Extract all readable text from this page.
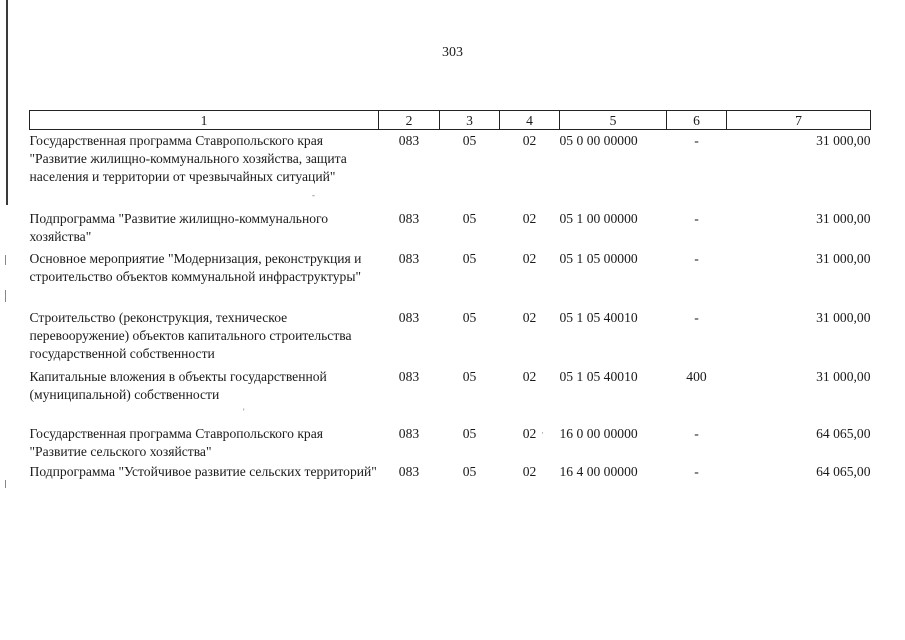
303
1	2	3	4	5	6	7
Государственная программа Ставропольского края "Развитие жилищно-коммунального хозяйства, защита населения и территории от чрезвычайных ситуаций"	083	05	02	05 0 00 00000	-	31 000,00
Подпрограмма "Развитие жилищно-коммунального хозяйства"	083	05	02	05 1 00 00000	-	31 000,00
Основное мероприятие "Модернизация, реконструкция и строительство объектов коммунальной инфраструктуры"	083	05	02	05 1 05 00000	-	31 000,00
Строительство (реконструкция, техническое перевооружение) объектов капитального строительства государственной собственности	083	05	02	05 1 05 40010	-	31 000,00
Капитальные вложения в объекты государственной (муниципальной) собственности	083	05	02	05 1 05 40010	400	31 000,00
Государственная программа Ставропольского края "Развитие сельского хозяйства"	083	05	02	16 0 00 00000	-	64 065,00
Подпрограмма "Устойчивое развитие сельских территорий"	083	05	02	16 4 00 00000	-	64 065,00
'
·
-
